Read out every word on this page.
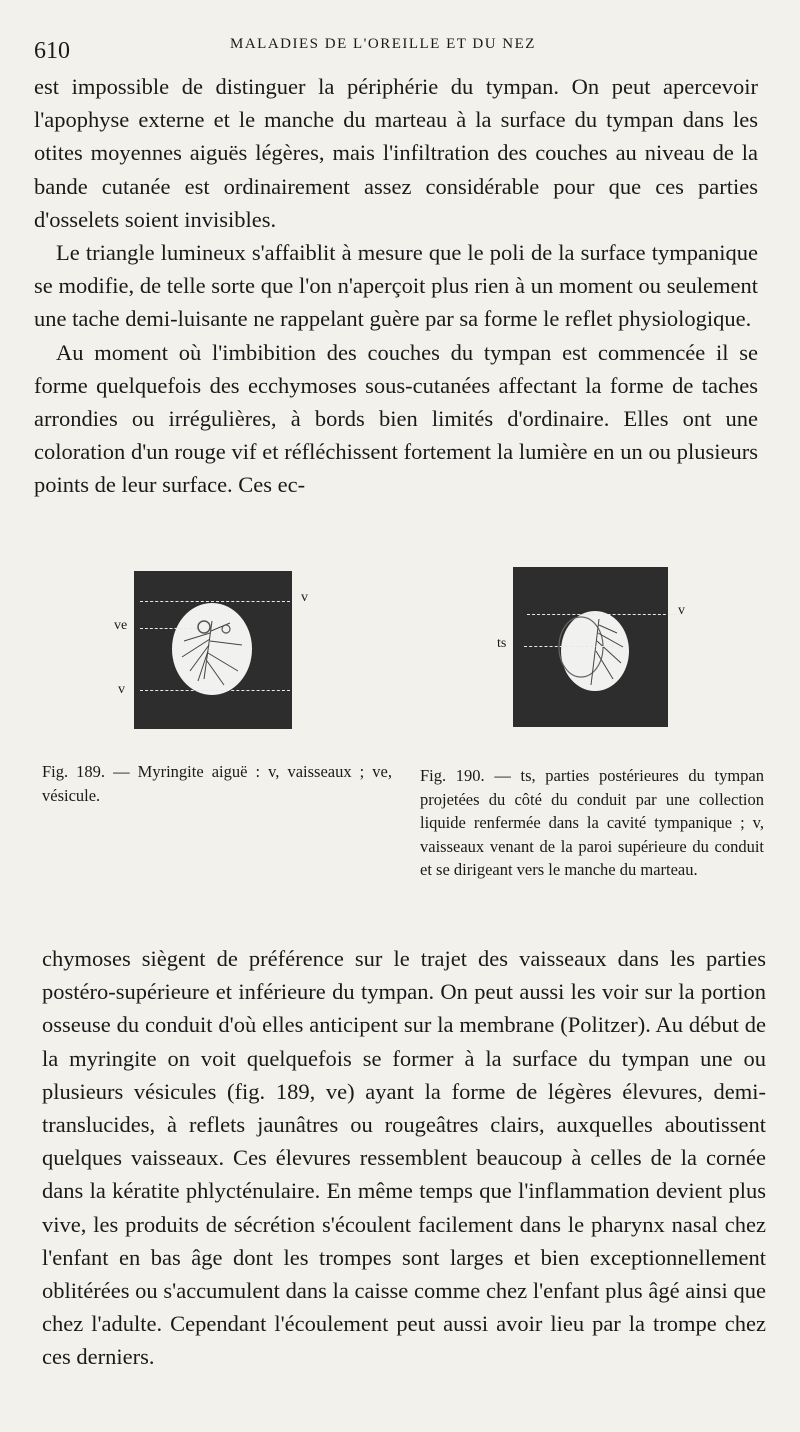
610	MALADIES DE L'OREILLE ET DU NEZ

est impossible de distinguer la périphérie du tympan. On peut apercevoir l'apophyse externe et le manche du marteau à la surface du tympan dans les otites moyennes aiguës légères, mais l'infiltration des couches au niveau de la bande cutanée est ordinairement assez considérable pour que ces parties d'osselets soient invisibles.

Le triangle lumineux s'affaiblit à mesure que le poli de la surface tympanique se modifie, de telle sorte que l'on n'aperçoit plus rien à un moment ou seulement une tache demi-luisante ne rappelant guère par sa forme le reflet physiologique.

Au moment où l'imbibition des couches du tympan est commencée il se forme quelquefois des ecchymoses sous-cutanées affectant la forme de taches arrondies ou irrégulières, à bords bien limités d'ordinaire. Elles ont une coloration d'un rouge vif et réfléchissent fortement la lumière en un ou plusieurs points de leur surface. Ces ec-

v
ve
v
Fig. 189. — Myringite aiguë : v, vaisseaux ; ve, vésicule.
ts
v
Fig. 190. — ts, parties postérieures du tympan projetées du côté du conduit par une collection liquide renfermée dans la cavité tympanique ; v, vaisseaux venant de la paroi supérieure du conduit et se dirigeant vers le manche du marteau.

chymoses siègent de préférence sur le trajet des vaisseaux dans les parties postéro-supérieure et inférieure du tympan. On peut aussi les voir sur la portion osseuse du conduit d'où elles anticipent sur la membrane (Politzer). Au début de la myringite on voit quelquefois se former à la surface du tympan une ou plusieurs vésicules (fig. 189, ve) ayant la forme de légères élevures, demi-translucides, à reflets jaunâtres ou rougeâtres clairs, auxquelles aboutissent quelques vaisseaux. Ces élevures ressemblent beaucoup à celles de la cornée dans la kératite phlycténulaire. En même temps que l'inflammation devient plus vive, les produits de sécrétion s'écoulent facilement dans le pharynx nasal chez l'enfant en bas âge dont les trompes sont larges et bien exceptionnellement oblitérées ou s'accumulent dans la caisse comme chez l'enfant plus âgé ainsi que chez l'adulte. Cependant l'écoulement peut aussi avoir lieu par la trompe chez ces derniers.
